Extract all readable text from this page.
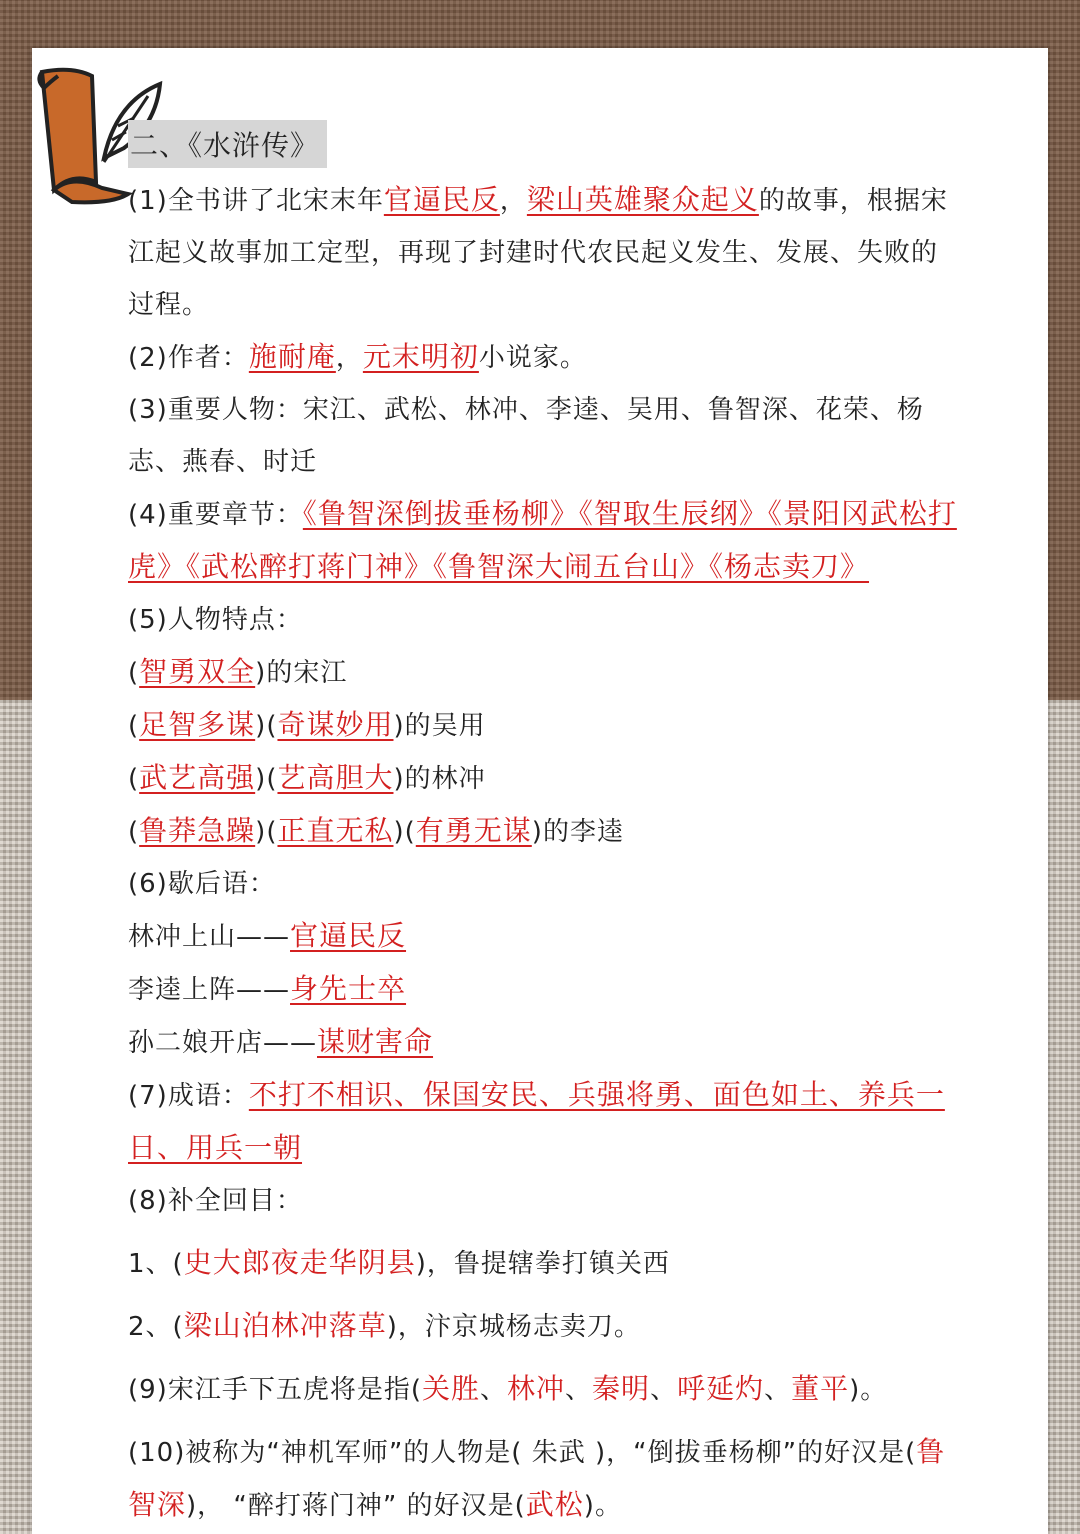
二、《水浒传》
(1)全书讲了北宋末年官逼民反，梁山英雄聚众起义的故事，根据宋江起义故事加工定型，再现了封建时代农民起义发生、发展、失败的过程。
(2)作者：施耐庵，元末明初小说家。
(3)重要人物：宋江、武松、林冲、李逵、吴用、鲁智深、花荣、杨志、燕春、时迁
(4)重要章节：《鲁智深倒拔垂杨柳》《智取生辰纲》《景阳冈武松打虎》《武松醉打蒋门神》《鲁智深大闹五台山》《杨志卖刀》
(5)人物特点：
(智勇双全)的宋江
(足智多谋)(奇谋妙用)的吴用
(武艺高强)(艺高胆大)的林冲
(鲁莽急躁)(正直无私)(有勇无谋)的李逵
(6)歇后语：
林冲上山——官逼民反
李逵上阵——身先士卒
孙二娘开店——谋财害命
(7)成语：不打不相识、保国安民、兵强将勇、面色如土、养兵一日、用兵一朝
(8)补全回目：
1、(史大郎夜走华阴县)，鲁提辖拳打镇关西
2、(梁山泊林冲落草)，汴京城杨志卖刀。
(9)宋江手下五虎将是指(关胜、林冲、秦明、呼延灼、董平)。
(10)被称为“神机军师”的人物是( 朱武 )，“倒拔垂杨柳”的好汉是(鲁智深)， “醉打蒋门神” 的好汉是(武松)。
